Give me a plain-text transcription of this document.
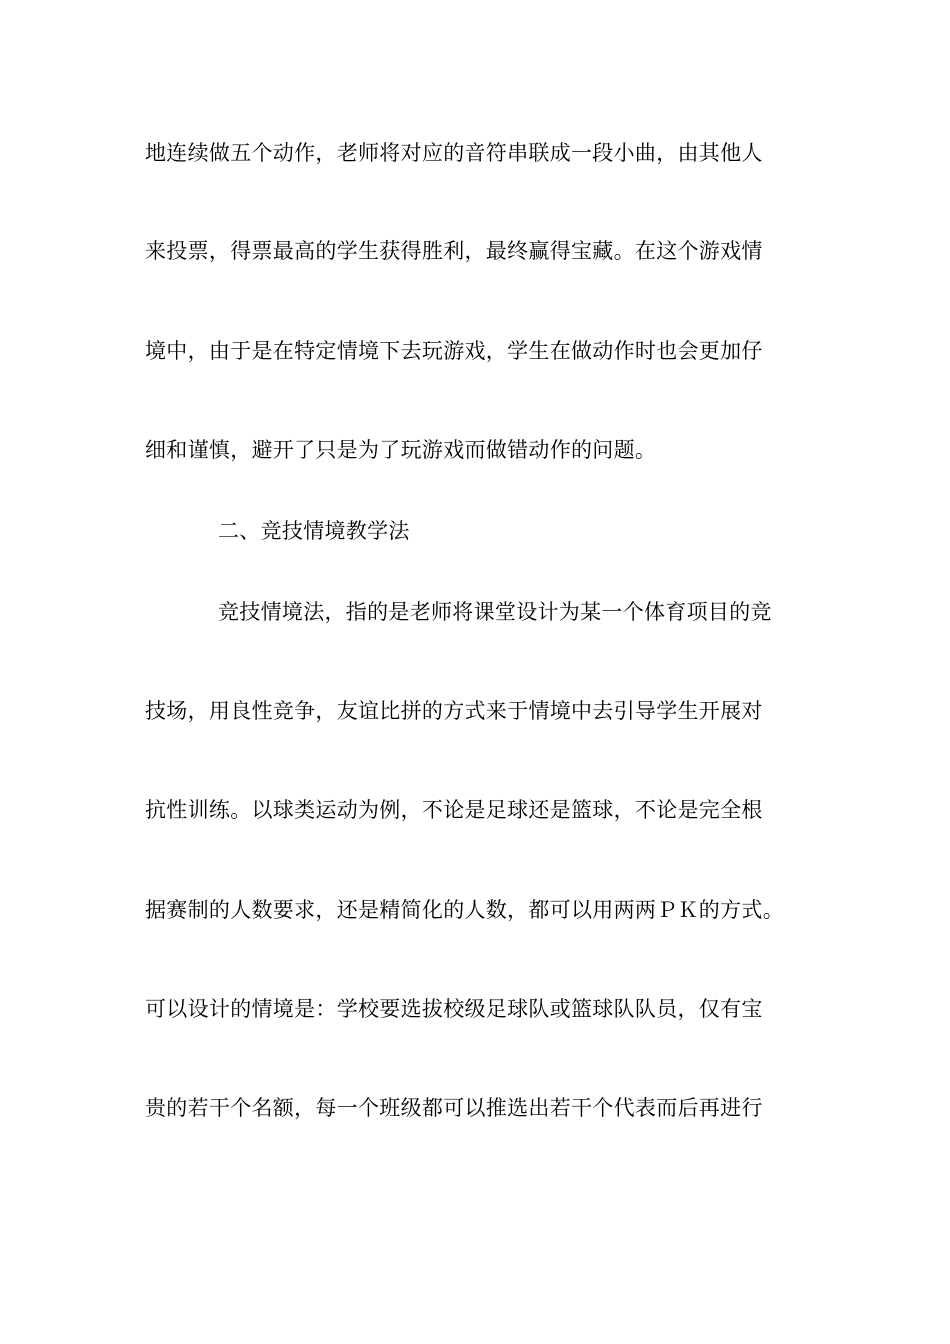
地连续做五个动作，老师将对应的音符串联成一段小曲，由其他人
来投票，得票最高的学生获得胜利，最终赢得宝藏。在这个游戏情
境中，由于是在特定情境下去玩游戏，学生在做动作时也会更加仔
细和谨慎，避开了只是为了玩游戏而做错动作的问题。
二、竞技情境教学法
竞技情境法，指的是老师将课堂设计为某一个体育项目的竞
技场，用良性竞争，友谊比拼的方式来于情境中去引导学生开展对
抗性训练。以球类运动为例，不论是足球还是篮球，不论是完全根
据赛制的人数要求，还是精简化的人数，都可以用两两ＰＫ的方式。
可以设计的情境是：学校要选拔校级足球队或篮球队队员，仅有宝
贵的若干个名额，每一个班级都可以推选出若干个代表而后再进行
